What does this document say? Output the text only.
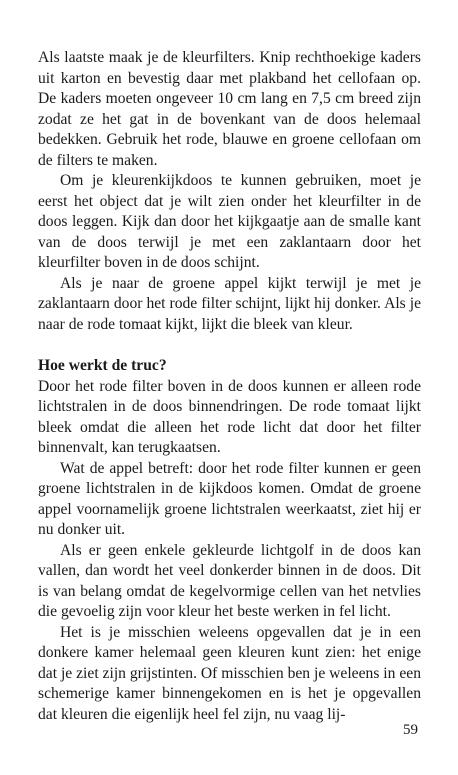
Als laatste maak je de kleurfilters. Knip rechthoekige kaders uit karton en bevestig daar met plakband het cellofaan op. De kaders moeten ongeveer 10 cm lang en 7,5 cm breed zijn zodat ze het gat in de bovenkant van de doos helemaal bedekken. Gebruik het rode, blauwe en groene cellofaan om de filters te maken.

Om je kleurenkijkdoos te kunnen gebruiken, moet je eerst het object dat je wilt zien onder het kleurfilter in de doos leggen. Kijk dan door het kijkgaatje aan de smalle kant van de doos terwijl je met een zaklantaarn door het kleurfilter boven in de doos schijnt.

Als je naar de groene appel kijkt terwijl je met je zaklantaarn door het rode filter schijnt, lijkt hij donker. Als je naar de rode tomaat kijkt, lijkt die bleek van kleur.

Hoe werkt de truc?

Door het rode filter boven in de doos kunnen er alleen rode lichtstralen in de doos binnendringen. De rode tomaat lijkt bleek omdat die alleen het rode licht dat door het filter binnenvalt, kan terugkaatsen.

Wat de appel betreft: door het rode filter kunnen er geen groene lichtstralen in de kijkdoos komen. Omdat de groene appel voornamelijk groene lichtstralen weerkaatst, ziet hij er nu donker uit.

Als er geen enkele gekleurde lichtgolf in de doos kan vallen, dan wordt het veel donkerder binnen in de doos. Dit is van belang omdat de kegelvormige cellen van het netvlies die gevoelig zijn voor kleur het beste werken in fel licht.

Het is je misschien weleens opgevallen dat je in een donkere kamer helemaal geen kleuren kunt zien: het enige dat je ziet zijn grijstinten. Of misschien ben je weleens in een schemerige kamer binnengekomen en is het je opgevallen dat kleuren die eigenlijk heel fel zijn, nu vaag lij-

59
